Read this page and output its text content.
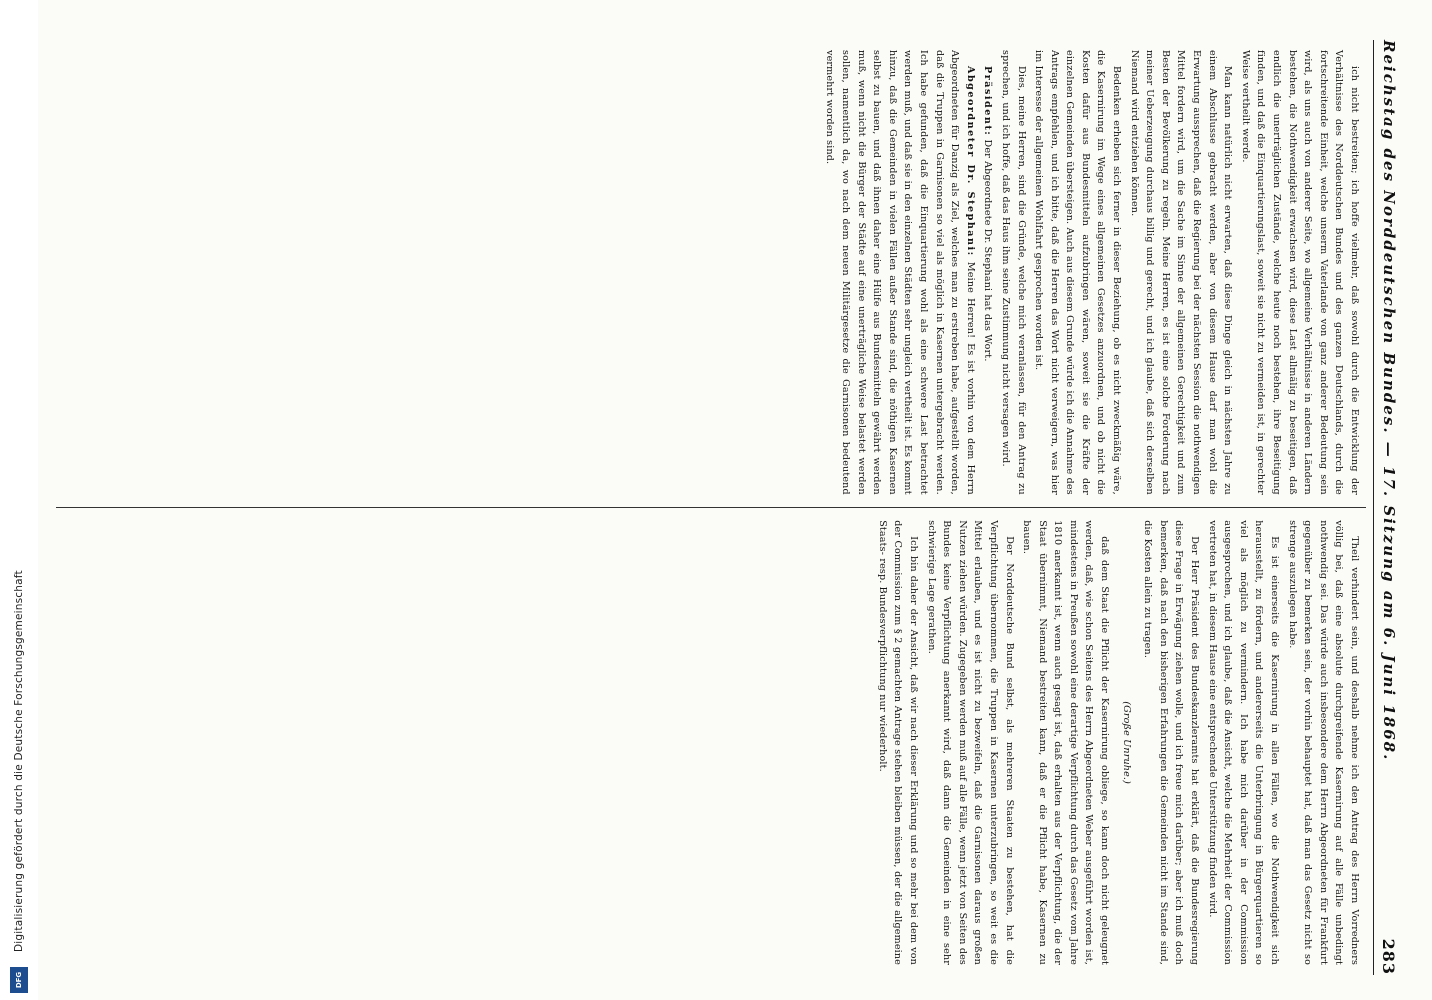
Digitalisierung gefördert durch die Deutsche Forschungsgemeinschaft
DFG
Reichstag des Norddeutschen Bundes. — 17. Sitzung am 6. Juni 1868.
283

ich nicht bestreiten; ich hoffe vielmehr, daß sowohl durch die Entwicklung der Verhältnisse des Norddeutschen Bundes und des ganzen Deutschlands, durch die fortschreitende Einheit, welche unserm Vaterlande von ganz anderer Bedeutung sein wird, als uns auch von anderer Seite, wo allgemeine Verhältnisse in anderen Ländern bestehen, die Nothwendigkeit erwachsen wird, diese Last allmälig zu beseitigen, daß endlich die unerträglichen Zustände, welche heute noch bestehen, ihre Beseitigung finden, und daß die Einquartierungslast, soweit sie nicht zu vermeiden ist, in gerechter Weise vertheilt werde.

Man kann natürlich nicht erwarten, daß diese Dinge gleich in nächsten Jahre zu einem Abschlusse gebracht werden, aber von diesem Hause darf man wohl die Erwartung aussprechen, daß die Regierung bei der nächsten Session die nothwendigen Mittel fordern wird, um die Sache im Sinne der allgemeinen Gerechtigkeit und zum Besten der Bevölkerung zu regeln. Meine Herren, es ist eine solche Forderung nach meiner Ueberzeugung durchaus billig und gerecht, und ich glaube, daß sich derselben Niemand wird entziehen können.

Bedenken erheben sich ferner in dieser Beziehung, ob es nicht zweckmäßig wäre, die Kasernirung im Wege eines allgemeinen Gesetzes anzuordnen, und ob nicht die Kosten dafür aus Bundesmitteln aufzubringen wären, soweit sie die Kräfte der einzelnen Gemeinden übersteigen. Auch aus diesem Grunde würde ich die Annahme des Antrags empfehlen, und ich bitte, daß die Herren das Wort nicht verweigern, was hier im Interesse der allgemeinen Wohlfahrt gesprochen worden ist.

Dies, meine Herren, sind die Gründe, welche mich veranlassen, für den Antrag zu sprechen, und ich hoffe, daß das Haus ihm seine Zustimmung nicht versagen wird.

Präsident: Der Abgeordnete Dr. Stephani hat das Wort.

Abgeordneter Dr. Stephani: Meine Herren! Es ist vorhin von dem Herrn Abgeordneten für Danzig als Ziel, welches man zu erstreben habe, aufgestellt worden, daß die Truppen in Garnisonen so viel als möglich in Kasernen untergebracht werden. Ich habe gefunden, daß die Einquartierung wohl als eine schwere Last betrachtet werden muß, und daß sie in den einzelnen Städten sehr ungleich vertheilt ist. Es kommt hinzu, daß die Gemeinden in vielen Fällen außer Stande sind, die nöthigen Kasernen selbst zu bauen, und daß ihnen daher eine Hülfe aus Bundesmitteln gewährt werden muß, wenn nicht die Bürger der Städte auf eine unerträgliche Weise belastet werden sollen, namentlich da, wo nach dem neuen Militärgesetze die Garnisonen bedeutend vermehrt worden sind.

Theil verhindert sein, und deshalb nehme ich den Antrag des Herrn Vorredners völlig bei, daß eine absolute durchgreifende Kasernirung auf alle Fälle unbedingt nothwendig sei. Das würde auch insbesondere dem Herrn Abgeordneten für Frankfurt gegenüber zu bemerken sein, der vorhin behauptet hat, daß man das Gesetz nicht so strenge auszulegen habe.

Es ist einerseits die Kasernirung in allen Fällen, wo die Nothwendigkeit sich herausstellt, zu fördern, und andererseits die Unterbringung in Bürgerquartieren so viel als möglich zu vermindern. Ich habe mich darüber in der Commission ausgesprochen, und ich glaube, daß die Ansicht, welche die Mehrheit der Commission vertreten hat, in diesem Hause eine entsprechende Unterstützung finden wird.

Der Herr Präsident des Bundeskanzleramts hat erklärt, daß die Bundesregierung diese Frage in Erwägung ziehen wolle, und ich freue mich darüber; aber ich muß doch bemerken, daß nach den bisherigen Erfahrungen die Gemeinden nicht im Stande sind, die Kosten allein zu tragen.

(Große Unruhe.)

daß dem Staat die Pflicht der Kasernirung obliege, so kann doch nicht geleugnet werden, daß, wie schon Seitens des Herrn Abgeordneten Weber ausgeführt worden ist, mindestens in Preußen sowohl eine derartige Verpflichtung durch das Gesetz vom Jahre 1810 anerkannt ist, wenn auch gesagt ist, daß erhalten aus der Verpflichtung, die der Staat übernimmt, Niemand bestreiten kann, daß er die Pflicht habe, Kasernen zu bauen.

Der Norddeutsche Bund selbst, als mehreren Staaten zu bestehen, hat die Verpflichtung übernommen, die Truppen in Kasernen unterzubringen, so weit es die Mittel erlauben, und es ist nicht zu bezweifeln, daß die Garnisonen daraus großen Nutzen ziehen würden. Zugegeben werden muß auf alle Fälle, wenn jetzt von Seiten des Bundes keine Verpflichtung anerkannt wird, daß dann die Gemeinden in eine sehr schwierige Lage gerathen.

Ich bin daher der Ansicht, daß wir nach dieser Erklärung und so mehr bei dem von der Commission zum § 2 gemachten Antrage stehen bleiben müssen, der die allgemeine Staats- resp. Bundesverpflichtung nur wiederholt.
